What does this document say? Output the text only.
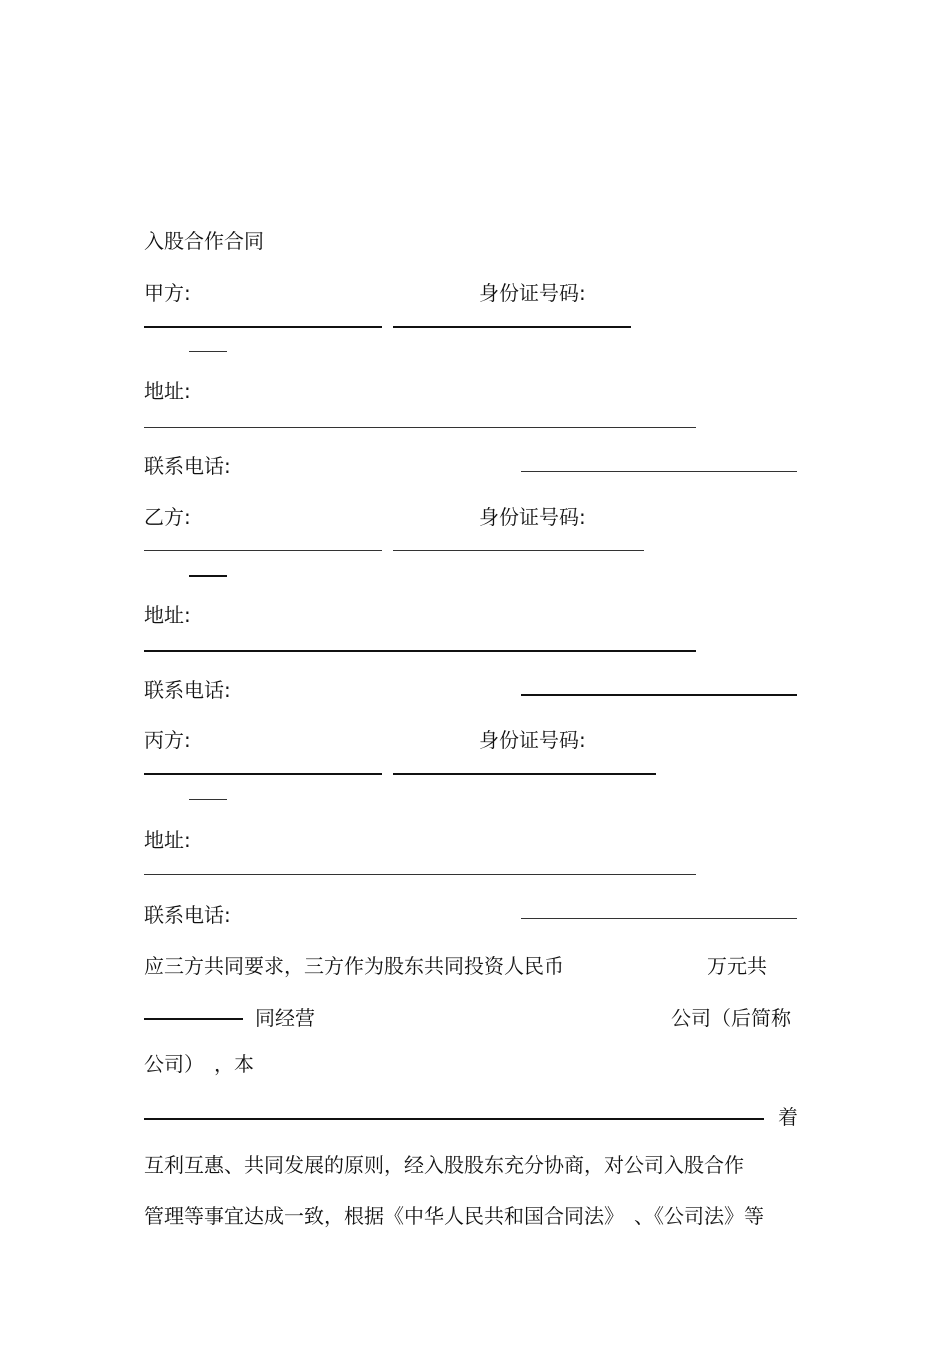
入股合作合同
甲方:	身份证号码:
地址:
联系电话:
乙方:	身份证号码:
地址:
联系电话:
丙方:	身份证号码:
地址:
联系电话:
应三方共同要求，三方作为股东共同投资人民币	万元共
同经营	公司（后简称
公司）　，本
着
互利互惠、共同发展的原则，经入股股东充分协商，对公司入股合作
管理等事宜达成一致，根据《中华人民共和国合同法》　、《公司法》等
